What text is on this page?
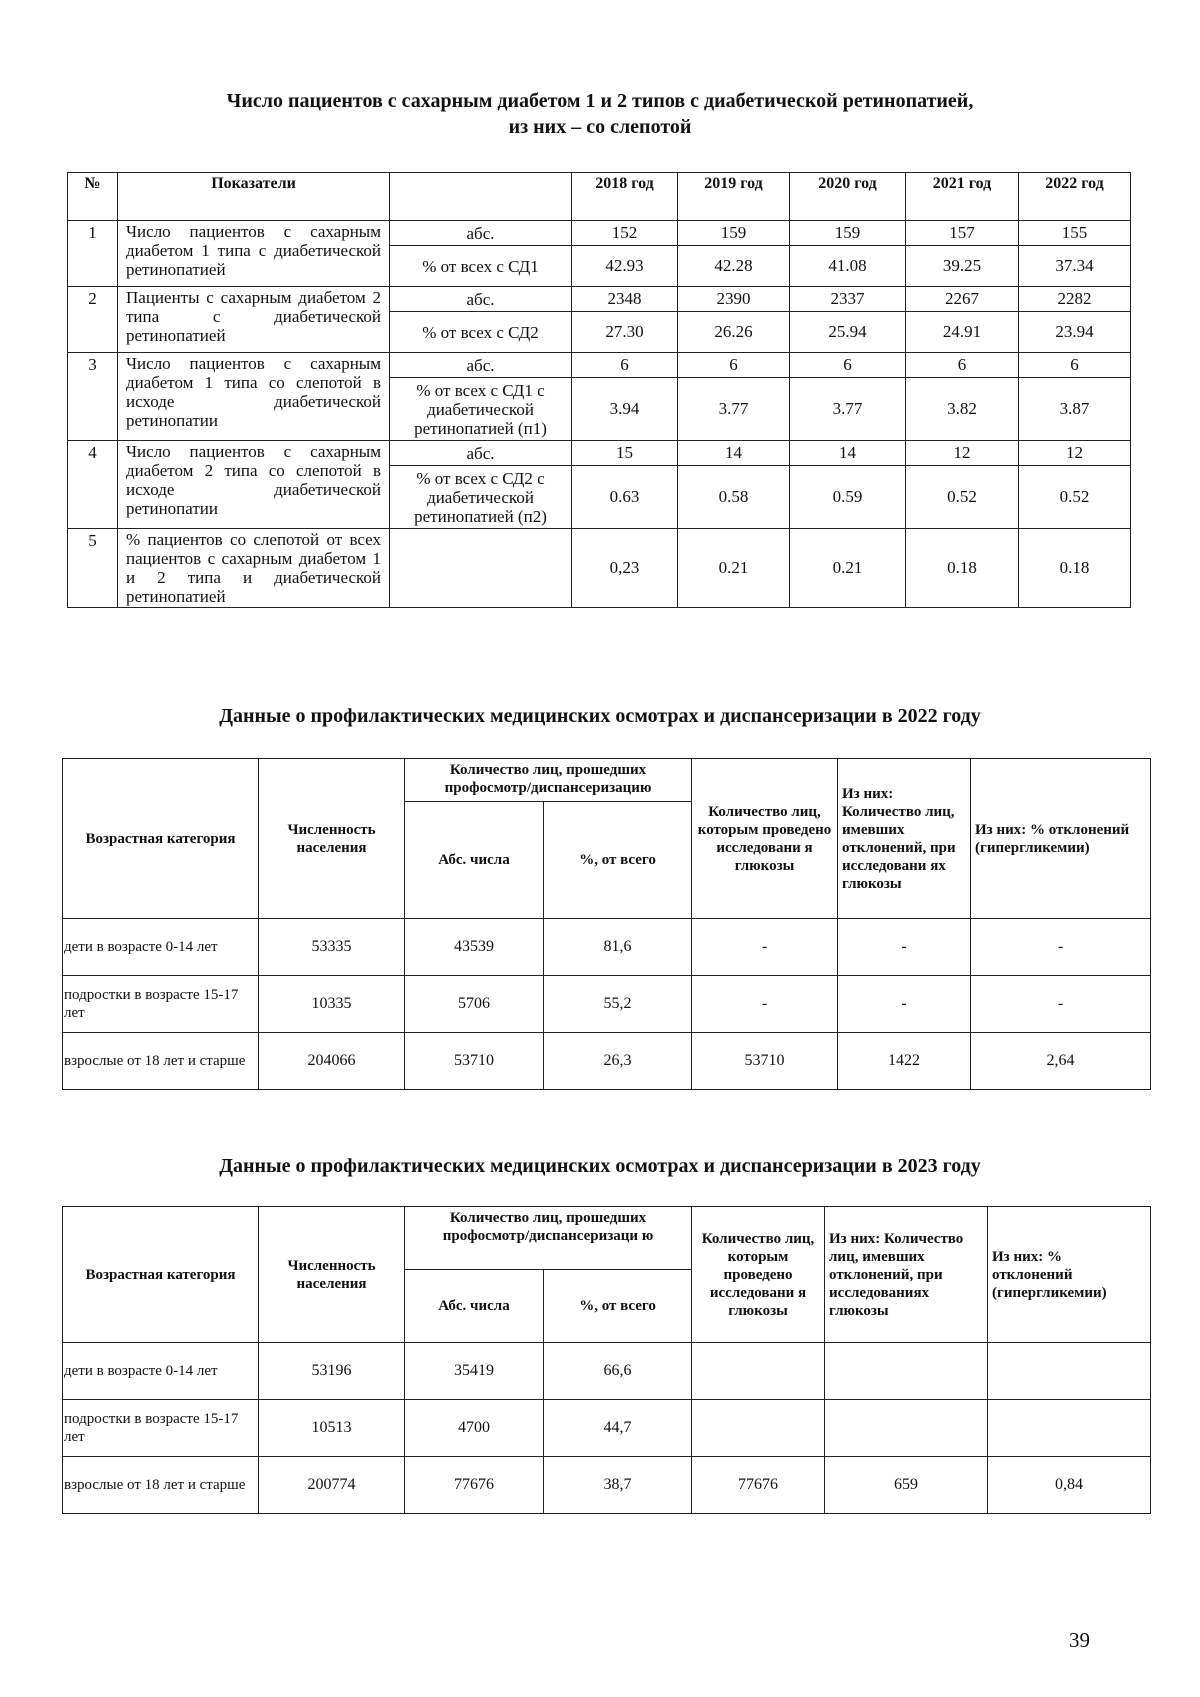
Число пациентов с сахарным диабетом 1 и 2 типов с диабетической ретинопатией,
из них – со слепотой
№	Показатели		2018 год	2019 год	2020 год	2021 год	2022 год
1	Число пациентов с сахарным диабетом 1 типа с диабетической ретинопатией	абс.	152	159	159	157	155
		% от всех с СД1	42.93	42.28	41.08	39.25	37.34
2	Пациенты с сахарным диабетом 2 типа с диабетической ретинопатией	абс.	2348	2390	2337	2267	2282
		% от всех с СД2	27.30	26.26	25.94	24.91	23.94
3	Число пациентов с сахарным диабетом 1 типа со слепотой в исходе диабетической ретинопатии	абс.	6	6	6	6	6
		% от всех с СД1 с диабетической ретинопатией (п1)	3.94	3.77	3.77	3.82	3.87
4	Число пациентов с сахарным диабетом 2 типа со слепотой в исходе диабетической ретинопатии	абс.	15	14	14	12	12
		% от всех с СД2 с диабетической ретинопатией (п2)	0.63	0.58	0.59	0.52	0.52
5	% пациентов со слепотой от всех пациентов с сахарным диабетом 1 и 2 типа и диабетической ретинопатией		0,23	0.21	0.21	0.18	0.18
Данные о профилактических медицинских осмотрах и диспансеризации в 2022 году
Возрастная категория	Численность населения	Количество лиц, прошедших профосмотр/диспансеризацию		Количество лиц, которым проведено исследовани я глюкозы	Из них: Количество лиц, имевших отклонений, при исследовани ях глюкозы	Из них: % отклонений (гипергликемии)
		Абс. числа	%, от всего			
дети в возрасте 0-14 лет	53335	43539	81,6	-	-	-
подростки в возрасте 15-17 лет	10335	5706	55,2	-	-	-
взрослые от 18 лет и старше	204066	53710	26,3	53710	1422	2,64
Данные о профилактических медицинских осмотрах и диспансеризации в 2023 году
Возрастная категория	Численность населения	Количество лиц, прошедших профосмотр/диспансеризаци ю		Количество лиц, которым проведено исследовани я глюкозы	Из них: Количество лиц, имевших отклонений, при исследованиях глюкозы	Из них: % отклонений (гипергликемии)
		Абс. числа	%, от всего			
дети в возрасте 0-14 лет	53196	35419	66,6			
подростки в возрасте 15-17 лет	10513	4700	44,7			
взрослые от 18 лет и старше	200774	77676	38,7	77676	659	0,84
39
